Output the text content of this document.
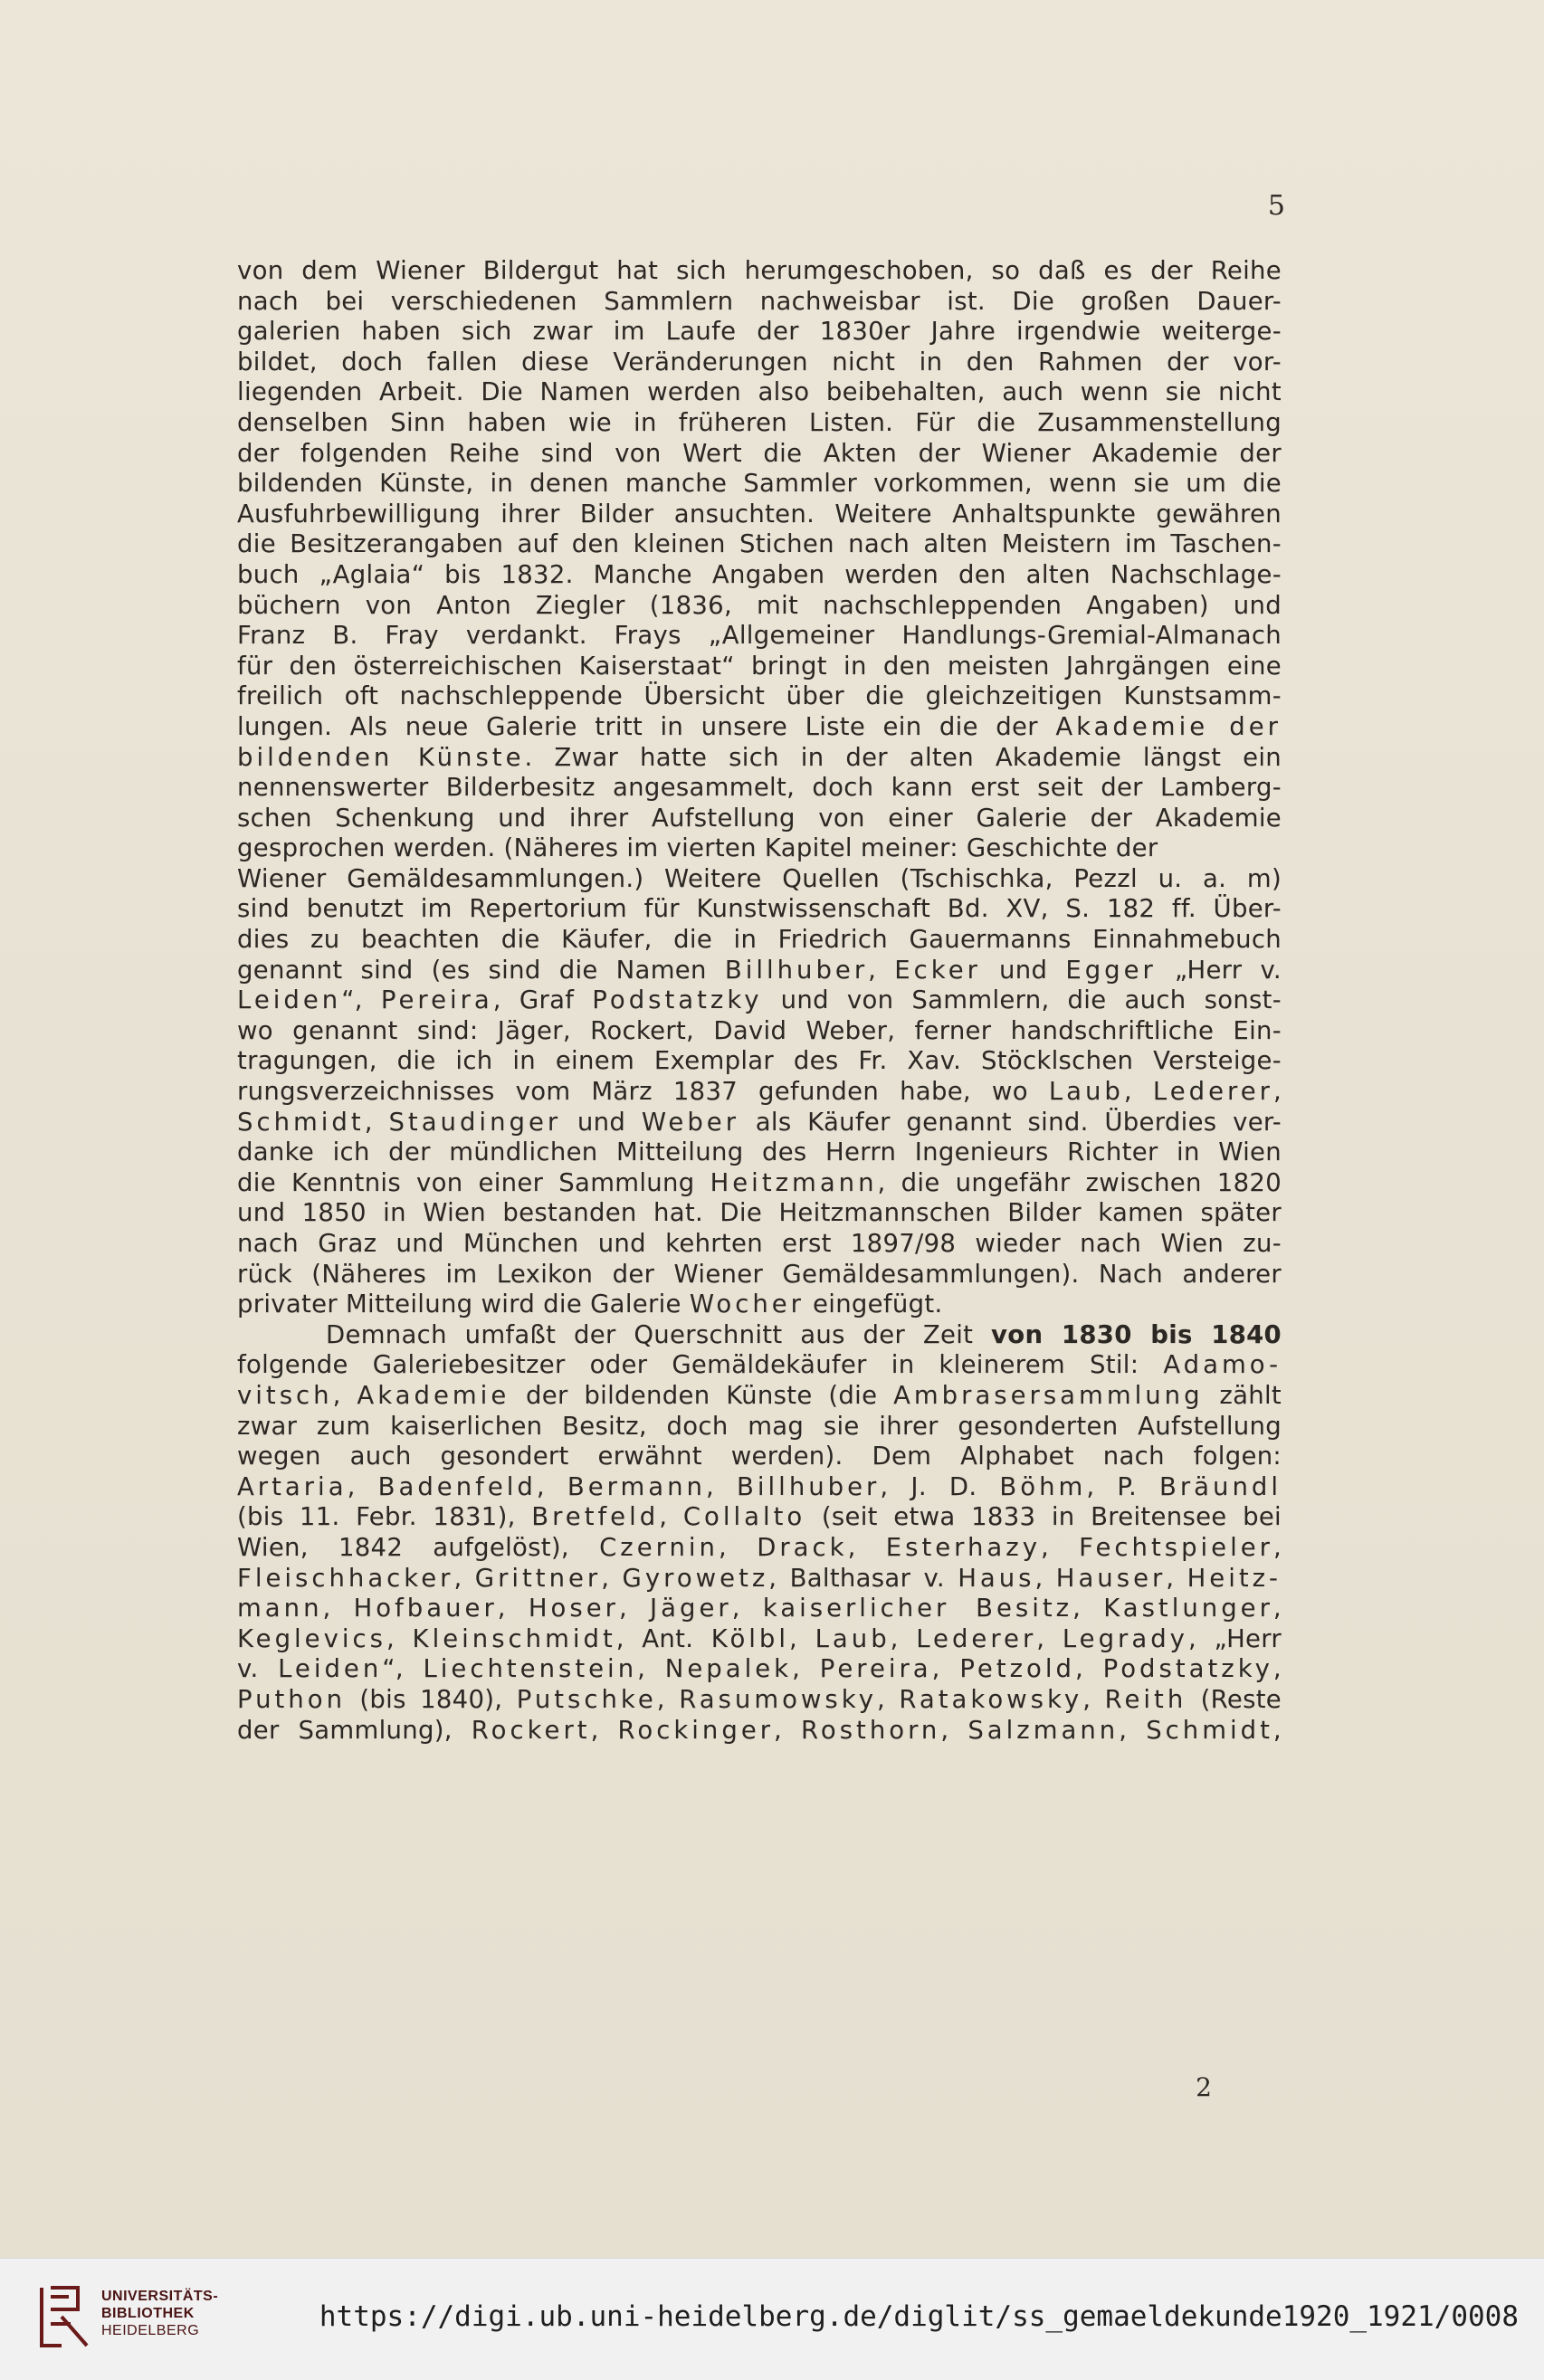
5
von dem Wiener Bildergut hat sich herumgeschoben, so daß es der Reihe
nach bei verschiedenen Sammlern nachweisbar ist. Die großen Dauer-
galerien haben sich zwar im Laufe der 1830er Jahre irgendwie weiterge-
bildet, doch fallen diese Veränderungen nicht in den Rahmen der vor-
liegenden Arbeit. Die Namen werden also beibehalten, auch wenn sie nicht
denselben Sinn haben wie in früheren Listen. Für die Zusammenstellung
der folgenden Reihe sind von Wert die Akten der Wiener Akademie der
bildenden Künste, in denen manche Sammler vorkommen, wenn sie um die
Ausfuhrbewilligung ihrer Bilder ansuchten. Weitere Anhaltspunkte gewähren
die Besitzerangaben auf den kleinen Stichen nach alten Meistern im Taschen-
buch „Aglaia“ bis 1832. Manche Angaben werden den alten Nachschlage-
büchern von Anton Ziegler (1836, mit nachschleppenden Angaben) und
Franz B. Fray verdankt. Frays „Allgemeiner Handlungs-Gremial-Almanach
für den österreichischen Kaiserstaat“ bringt in den meisten Jahrgängen eine
freilich oft nachschleppende Übersicht über die gleichzeitigen Kunstsamm-
lungen. Als neue Galerie tritt in unsere Liste ein die der Akademie der
bildenden Künste. Zwar hatte sich in der alten Akademie längst ein
nennenswerter Bilderbesitz angesammelt, doch kann erst seit der Lamberg-
schen Schenkung und ihrer Aufstellung von einer Galerie der Akademie
gesprochen werden. (Näheres im vierten Kapitel meiner: Geschichte der
Wiener Gemäldesammlungen.) Weitere Quellen (Tschischka, Pezzl u. a. m)
sind benutzt im Repertorium für Kunstwissenschaft Bd. XV, S. 182 ff. Über-
dies zu beachten die Käufer, die in Friedrich Gauermanns Einnahmebuch
genannt sind (es sind die Namen Billhuber, Ecker und Egger „Herr v.
Leiden“, Pereira, Graf Podstatzky und von Sammlern, die auch sonst-
wo genannt sind: Jäger, Rockert, David Weber, ferner handschriftliche Ein-
tragungen, die ich in einem Exemplar des Fr. Xav. Stöcklschen Versteige-
rungsverzeichnisses vom März 1837 gefunden habe, wo Laub, Lederer,
Schmidt, Staudinger und Weber als Käufer genannt sind. Überdies ver-
danke ich der mündlichen Mitteilung des Herrn Ingenieurs Richter in Wien
die Kenntnis von einer Sammlung Heitzmann, die ungefähr zwischen 1820
und 1850 in Wien bestanden hat. Die Heitzmannschen Bilder kamen später
nach Graz und München und kehrten erst 1897/98 wieder nach Wien zu-
rück (Näheres im Lexikon der Wiener Gemäldesammlungen). Nach anderer
privater Mitteilung wird die Galerie Wocher eingefügt.
Demnach umfaßt der Querschnitt aus der Zeit von 1830 bis 1840
folgende Galeriebesitzer oder Gemäldekäufer in kleinerem Stil: Adamo-
vitsch, Akademie der bildenden Künste (die Ambrasersammlung zählt
zwar zum kaiserlichen Besitz, doch mag sie ihrer gesonderten Aufstellung
wegen auch gesondert erwähnt werden). Dem Alphabet nach folgen:
Artaria, Badenfeld, Bermann, Billhuber, J. D. Böhm, P. Bräundl
(bis 11. Febr. 1831), Bretfeld, Collalto (seit etwa 1833 in Breitensee bei
Wien, 1842 aufgelöst), Czernin, Drack, Esterhazy, Fechtspieler,
Fleischhacker, Grittner, Gyrowetz, Balthasar v. Haus, Hauser, Heitz-
mann, Hofbauer, Hoser, Jäger, kaiserlicher Besitz, Kastlunger,
Keglevics, Kleinschmidt, Ant. Kölbl, Laub, Lederer, Legrady, „Herr
v. Leiden“, Liechtenstein, Nepalek, Pereira, Petzold, Podstatzky,
Puthon (bis 1840), Putschke, Rasumowsky, Ratakowsky, Reith (Reste
der Sammlung), Rockert, Rockinger, Rosthorn, Salzmann, Schmidt,
2
UNIVERSITÄTS-
BIBLIOTHEK
HEIDELBERG	https://digi.ub.uni-heidelberg.de/diglit/ss_gemaeldekunde1920_1921/0008
